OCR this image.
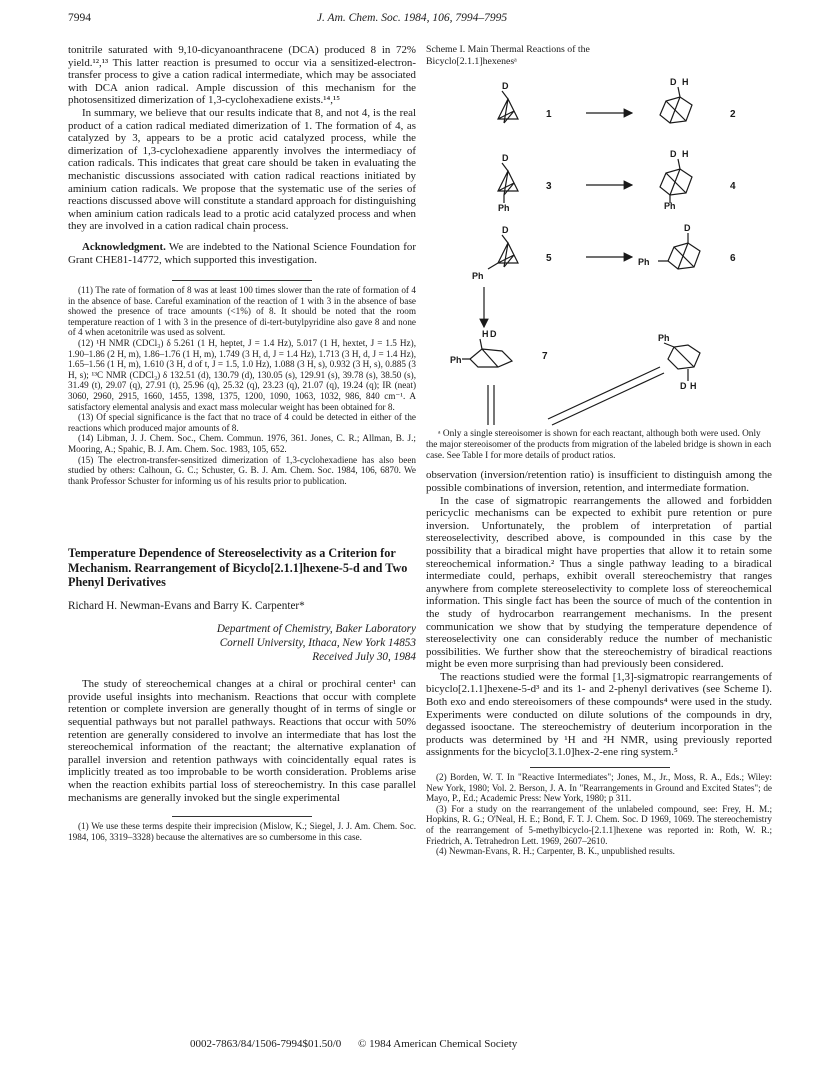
7994	J. Am. Chem. Soc. 1984, 106, 7994–7995

tonitrile saturated with 9,10-dicyanoanthracene (DCA) produced 8 in 72% yield.¹²,¹³ This latter reaction is presumed to occur via a sensitized-electron-transfer process to give a cation radical intermediate, which may be associated with DCA anion radical. Ample discussion of this mechanism for the photosensitized dimerization of 1,3-cyclohexadiene exists.¹⁴,¹⁵

In summary, we believe that our results indicate that 8, and not 4, is the real product of a cation radical mediated dimerization of 1. The formation of 4, as catalyzed by 3, appears to be a protic acid catalyzed process, while the dimerization of 1,3-cyclohexadiene apparently involves the intermediacy of cation radicals. This indicates that great care should be taken in evaluating the mechanistic discussions associated with cation radical reactions initiated by aminium cation radicals. We propose that the systematic use of the series of reactions discussed above will constitute a standard approach for distinguishing when aminium cation radicals lead to a protic acid catalyzed process and when they are involved in a cation radical chain process.

Acknowledgment. We are indebted to the National Science Foundation for Grant CHE81-14772, which supported this investigation.

(11) The rate of formation of 8 was at least 100 times slower than the rate of formation of 4 in the absence of base. Careful examination of the reaction of 1 with 3 in the absence of base showed the presence of trace amounts (<1%) of 8. It should be noted that the room temperature reaction of 1 with 3 in the presence of di-tert-butylpyridine also gave 8 and none of 4 when acetonitrile was used as solvent.

(12) ¹H NMR (CDCl₃) δ 5.261 (1 H, heptet, J = 1.4 Hz), 5.017 (1 H, hextet, J = 1.5 Hz), 1.90–1.86 (2 H, m), 1.86–1.76 (1 H, m), 1.749 (3 H, d, J = 1.4 Hz), 1.713 (3 H, d, J = 1.4 Hz), 1.65–1.56 (1 H, m), 1.610 (3 H, d of t, J = 1.5, 1.0 Hz), 1.088 (3 H, s), 0.932 (3 H, s), 0.885 (3 H, s); ¹³C NMR (CDCl₃) δ 132.51 (d), 130.79 (d), 130.05 (s), 129.91 (s), 39.78 (s), 38.50 (s), 31.49 (t), 29.07 (q), 27.91 (t), 25.96 (q), 25.32 (q), 23.23 (q), 21.07 (q), 19.24 (q); IR (neat) 3060, 2960, 2915, 1660, 1455, 1398, 1375, 1200, 1090, 1063, 1032, 986, 840 cm⁻¹. A satisfactory elemental analysis and exact mass molecular weight has been obtained for 8.

(13) Of special significance is the fact that no trace of 4 could be detected in either of the reactions which produced major amounts of 8.

(14) Libman, J. J. Chem. Soc., Chem. Commun. 1976, 361. Jones, C. R.; Allman, B. J.; Mooring, A.; Spahic, B. J. Am. Chem. Soc. 1983, 105, 652.

(15) The electron-transfer-sensitized dimerization of 1,3-cyclohexadiene has also been studied by others: Calhoun, G. C.; Schuster, G. B. J. Am. Chem. Soc. 1984, 106, 6870. We thank Professor Schuster for informing us of his results prior to publication.

Temperature Dependence of Stereoselectivity as a Criterion for Mechanism. Rearrangement of Bicyclo[2.1.1]hexene-5-d and Two Phenyl Derivatives

Richard H. Newman-Evans and Barry K. Carpenter*

Department of Chemistry, Baker Laboratory

Cornell University, Ithaca, New York 14853

Received July 30, 1984

The study of stereochemical changes at a chiral or prochiral center¹ can provide useful insights into mechanism. Reactions that occur with complete retention or complete inversion are generally thought of in terms of single or sequential pathways but not parallel pathways. Reactions that occur with 50% retention are generally considered to involve an intermediate that has lost the stereochemical information of the reactant; the alternative explanation of parallel inversion and retention pathways with coincidentally equal rates is implicitly treated as too improbable to be worth consideration. Problems arise when the reaction exhibits partial loss of stereochemistry. In this case parallel mechanisms are generally invoked but the single experimental

(1) We use these terms despite their imprecision (Mislow, K.; Siegel, J. J. Am. Chem. Soc. 1984, 106, 3319–3328) because the alternatives are so cumbersome in this case.

Scheme I. Main Thermal Reactions of the Bicyclo[2.1.1]hexenesᵃ

D	D H
D
Ph
D H
Ph
D
Ph
D
Ph
H D
Ph
Ph
D H
1	2
3	4
5	6
7

ᵃ Only a single stereoisomer is shown for each reactant, although both were used. Only the major stereoisomer of the products from migration of the labeled bridge is shown in each case. See Table I for more details of product ratios.

observation (inversion/retention ratio) is insufficient to distinguish among the possible combinations of inversion, retention, and intermediate formation.

In the case of sigmatropic rearrangements the allowed and forbidden pericyclic mechanisms can be expected to exhibit pure retention or pure inversion. Unfortunately, the problem of interpretation of partial stereoselectivity, described above, is compounded in this case by the possibility that a biradical might have properties that allow it to retain some stereochemical information.² Thus a single pathway leading to a biradical intermediate could, perhaps, exhibit overall stereochemistry that ranges anywhere from complete stereoselectivity to complete loss of stereochemical information. This single fact has been the source of much of the contention in the study of hydrocarbon rearrangement mechanisms. In the present communication we show that by studying the temperature dependence of stereoselectivity one can considerably reduce the number of mechanistic possibilities. We further show that the stereochemistry of biradical reactions might be even more surprising than had previously been considered.

The reactions studied were the formal [1,3]-sigmatropic rearrangements of bicyclo[2.1.1]hexene-5-d³ and its 1- and 2-phenyl derivatives (see Scheme I). Both exo and endo stereoisomers of these compounds⁴ were used in the study. Experiments were conducted on dilute solutions of the compounds in dry, degassed isooctane. The stereochemistry of deuterium incorporation in the products was determined by ¹H and ²H NMR, using previously reported assignments for the bicyclo[3.1.0]hex-2-ene ring system.⁵

(2) Borden, W. T. In "Reactive Intermediates"; Jones, M., Jr., Moss, R. A., Eds.; Wiley: New York, 1980; Vol. 2. Berson, J. A. In "Rearrangements in Ground and Excited States"; de Mayo, P., Ed.; Academic Press: New York, 1980; p 311.

(3) For a study on the rearrangement of the unlabeled compound, see: Frey, H. M.; Hopkins, R. G.; O'Neal, H. E.; Bond, F. T. J. Chem. Soc. D 1969, 1069. The stereochemistry of the rearrangement of 5-methylbicyclo-[2.1.1]hexene was reported in: Roth, W. R.; Friedrich, A. Tetrahedron Lett. 1969, 2607–2610.

(4) Newman-Evans, R. H.; Carpenter, B. K., unpublished results.

0002-7863/84/1506-7994$01.50/0 © 1984 American Chemical Society
